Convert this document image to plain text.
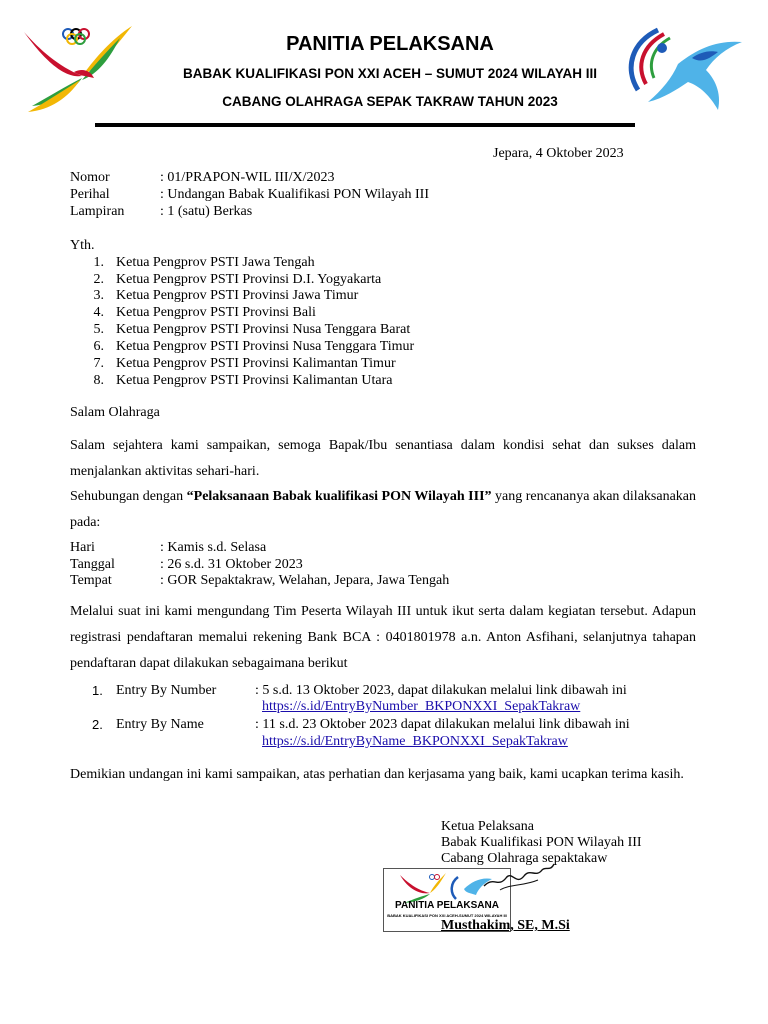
PANITIA PELAKSANA
BABAK KUALIFIKASI PON XXI ACEH – SUMUT 2024 WILAYAH III
CABANG OLAHRAGA SEPAK TAKRAW TAHUN 2023
Jepara, 4 Oktober 2023
Nomor	: 01/PRAPON-WIL III/X/2023
Perihal	: Undangan Babak Kualifikasi PON Wilayah III
Lampiran	: 1 (satu) Berkas
Yth.
1. Ketua Pengprov PSTI Jawa Tengah
2. Ketua Pengprov PSTI Provinsi D.I. Yogyakarta
3. Ketua Pengprov PSTI Provinsi Jawa Timur
4. Ketua Pengprov PSTI Provinsi Bali
5. Ketua Pengprov PSTI Provinsi Nusa Tenggara Barat
6. Ketua Pengprov PSTI Provinsi Nusa Tenggara Timur
7. Ketua Pengprov PSTI Provinsi Kalimantan Timur
8. Ketua Pengprov PSTI Provinsi Kalimantan Utara
Salam Olahraga
Salam sejahtera kami sampaikan, semoga Bapak/Ibu senantiasa dalam kondisi sehat dan sukses dalam menjalankan aktivitas sehari-hari.
Sehubungan dengan “Pelaksanaan Babak kualifikasi PON Wilayah III” yang rencananya akan dilaksanakan pada:
Hari	: Kamis s.d. Selasa
Tanggal	: 26 s.d. 31 Oktober 2023
Tempat	: GOR Sepaktakraw, Welahan, Jepara, Jawa Tengah
Melalui suat ini kami mengundang Tim Peserta Wilayah III untuk ikut serta dalam kegiatan tersebut. Adapun registrasi pendaftaran memalui rekening Bank BCA : 0401801978 a.n. Anton Asfihani, selanjutnya tahapan pendaftaran dapat dilakukan sebagaimana berikut
1. Entry By Number	: 5 s.d. 13 Oktober 2023, dapat dilakukan melalui link dibawah ini
https://s.id/EntryByNumber_BKPONXXI_SepakTakraw
2. Entry By Name	: 11 s.d. 23 Oktober 2023 dapat dilakukan melalui link dibawah ini
https://s.id/EntryByName_BKPONXXI_SepakTakraw
Demikian undangan ini kami sampaikan, atas perhatian dan kerjasama yang baik, kami ucapkan terima kasih.
Ketua Pelaksana
Babak Kualifikasi PON Wilayah III
Cabang Olahraga sepaktakaw
PANITIA PELAKSANA
BABAK KUALIFIKASI PON XXI ACEH-SUMUT 2024 WILAYAH III
Musthakim, SE, M.Si
